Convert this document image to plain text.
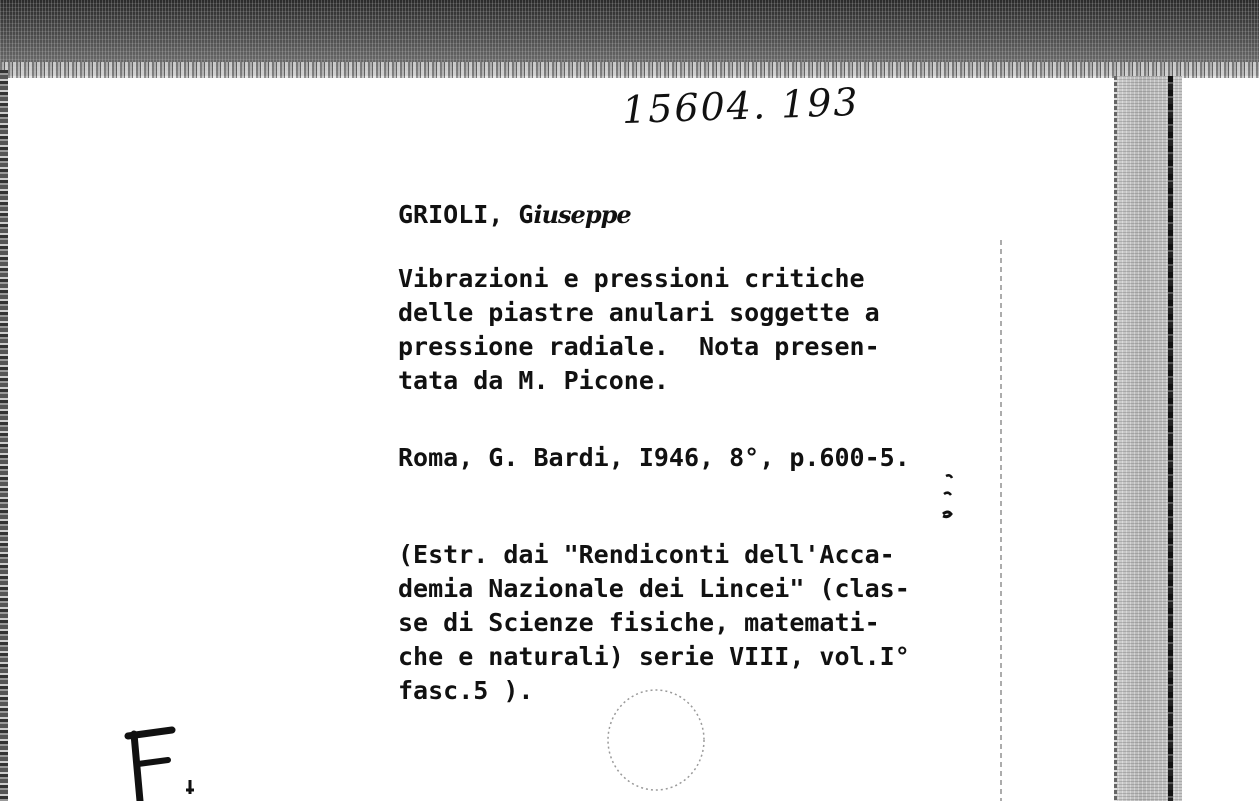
15604. 193
GRIOLI, Giuseppe
Vibrazioni e pressioni critiche
delle piastre anulari soggette a
pressione radiale.  Nota presen-
tata da M. Picone.
Roma, G. Bardi, I946, 8°, p.600-5.
(Estr. dai "Rendiconti dell'Acca-
demia Nazionale dei Lincei" (clas-
se di Scienze fisiche, matemati-
che e naturali) serie VIII, vol.I°
fasc.5 ).
